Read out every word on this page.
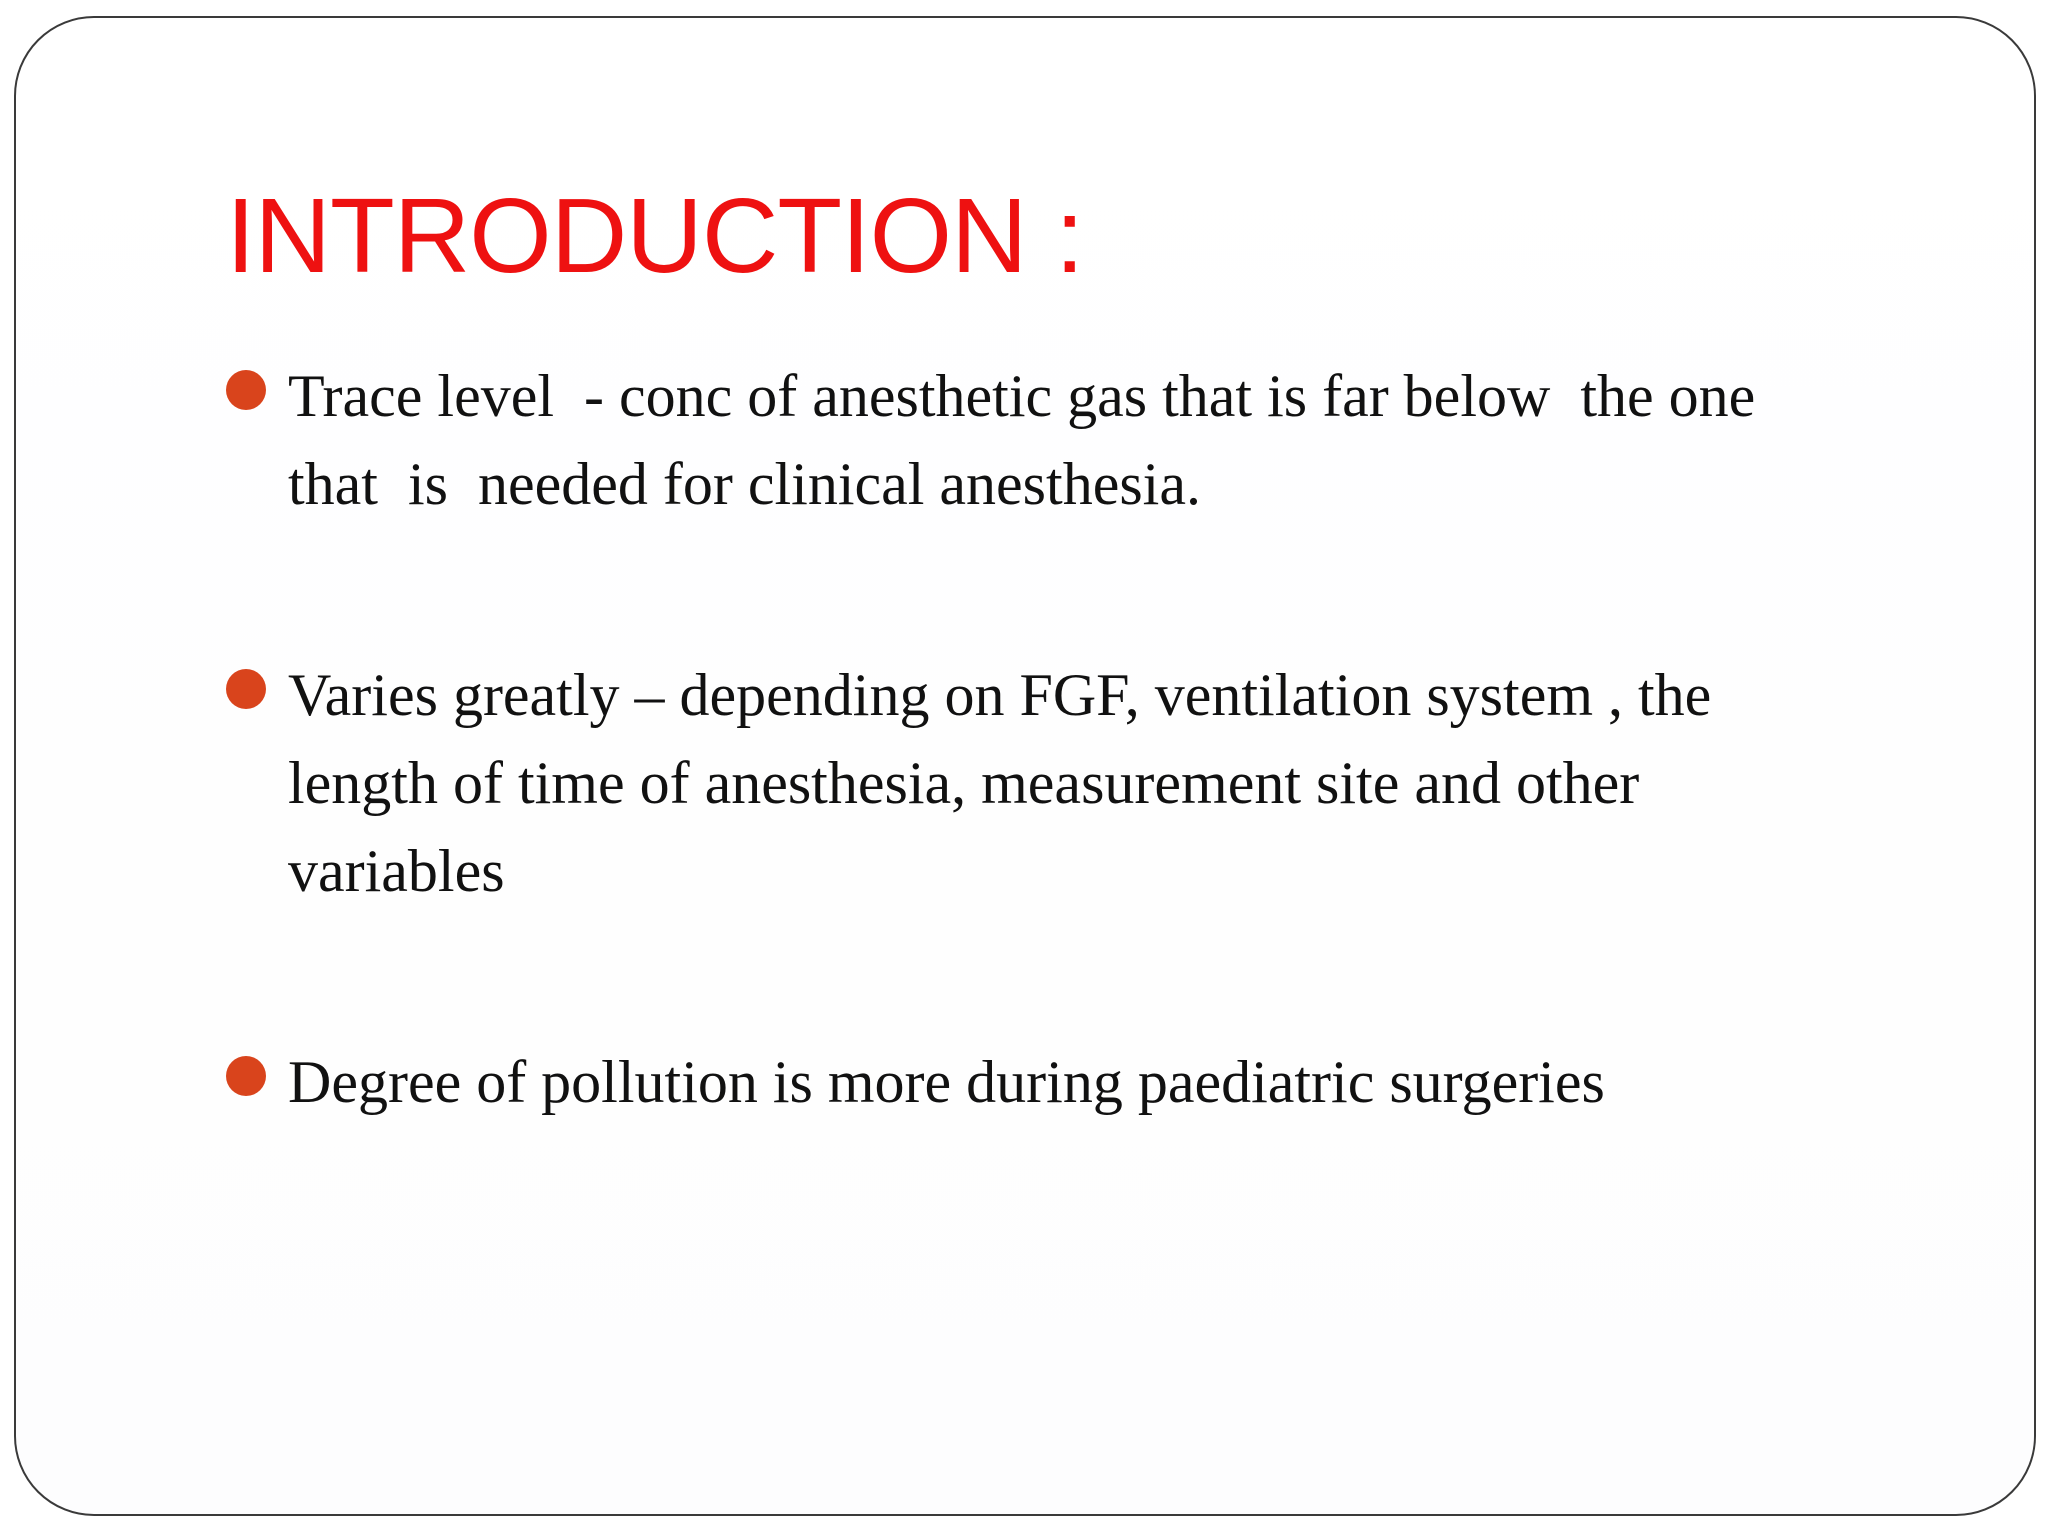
INTRODUCTION :
Trace level  - conc of anesthetic gas that is far below  the one
that  is  needed for clinical anesthesia.
Varies greatly – depending on FGF, ventilation system , the
length of time of anesthesia, measurement site and other
variables
Degree of pollution is more during paediatric surgeries
